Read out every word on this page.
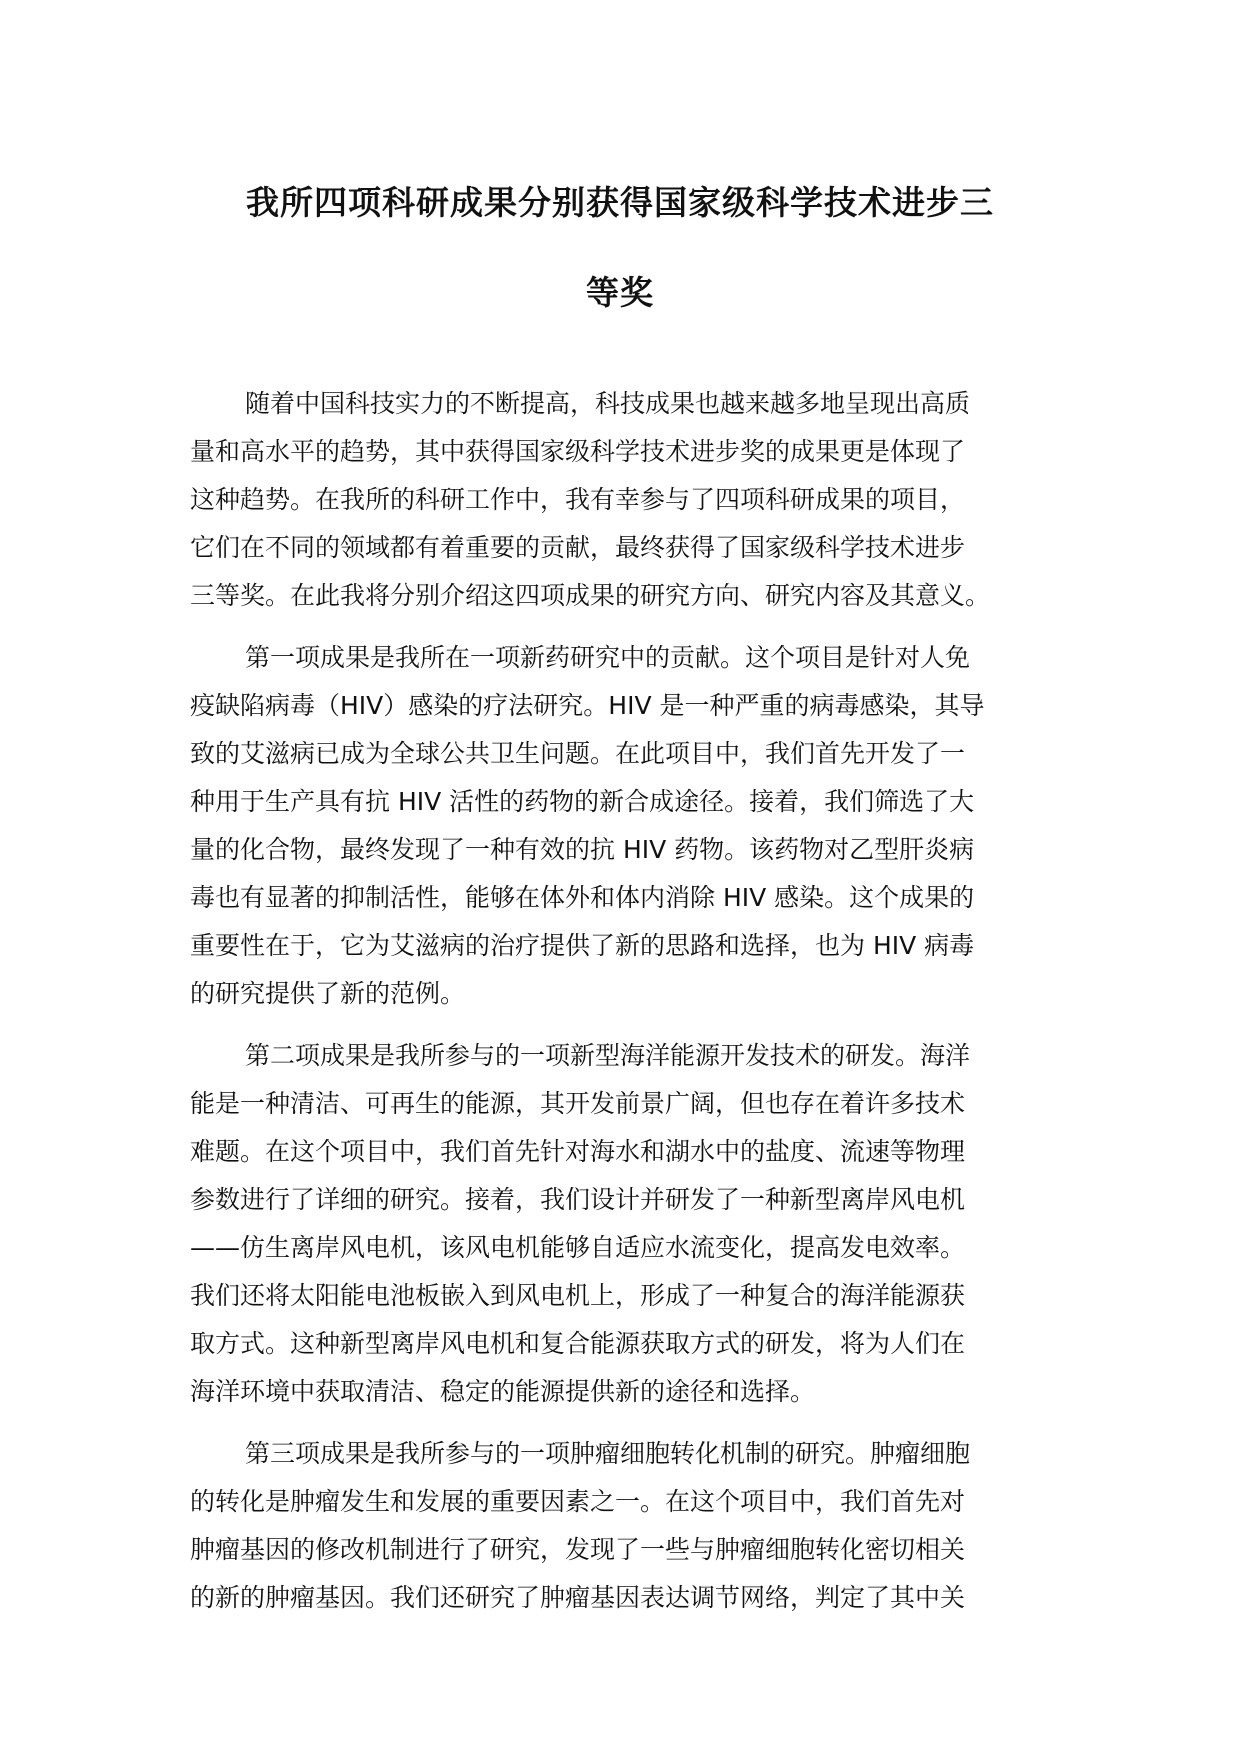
我所四项科研成果分别获得国家级科学技术进步三
等奖

随着中国科技实力的不断提高，科技成果也越来越多地呈现出高质
量和高水平的趋势，其中获得国家级科学技术进步奖的成果更是体现了
这种趋势。在我所的科研工作中，我有幸参与了四项科研成果的项目，
它们在不同的领域都有着重要的贡献，最终获得了国家级科学技术进步
三等奖。在此我将分别介绍这四项成果的研究方向、研究内容及其意义。

第一项成果是我所在一项新药研究中的贡献。这个项目是针对人免
疫缺陷病毒（HIV）感染的疗法研究。HIV 是一种严重的病毒感染，其导
致的艾滋病已成为全球公共卫生问题。在此项目中，我们首先开发了一
种用于生产具有抗 HIV 活性的药物的新合成途径。接着，我们筛选了大
量的化合物，最终发现了一种有效的抗 HIV 药物。该药物对乙型肝炎病
毒也有显著的抑制活性，能够在体外和体内消除 HIV 感染。这个成果的
重要性在于，它为艾滋病的治疗提供了新的思路和选择，也为 HIV 病毒
的研究提供了新的范例。

第二项成果是我所参与的一项新型海洋能源开发技术的研发。海洋
能是一种清洁、可再生的能源，其开发前景广阔，但也存在着许多技术
难题。在这个项目中，我们首先针对海水和湖水中的盐度、流速等物理
参数进行了详细的研究。接着，我们设计并研发了一种新型离岸风电机
——仿生离岸风电机，该风电机能够自适应水流变化，提高发电效率。
我们还将太阳能电池板嵌入到风电机上，形成了一种复合的海洋能源获
取方式。这种新型离岸风电机和复合能源获取方式的研发，将为人们在
海洋环境中获取清洁、稳定的能源提供新的途径和选择。

第三项成果是我所参与的一项肿瘤细胞转化机制的研究。肿瘤细胞
的转化是肿瘤发生和发展的重要因素之一。在这个项目中，我们首先对
肿瘤基因的修改机制进行了研究，发现了一些与肿瘤细胞转化密切相关
的新的肿瘤基因。我们还研究了肿瘤基因表达调节网络，判定了其中关
